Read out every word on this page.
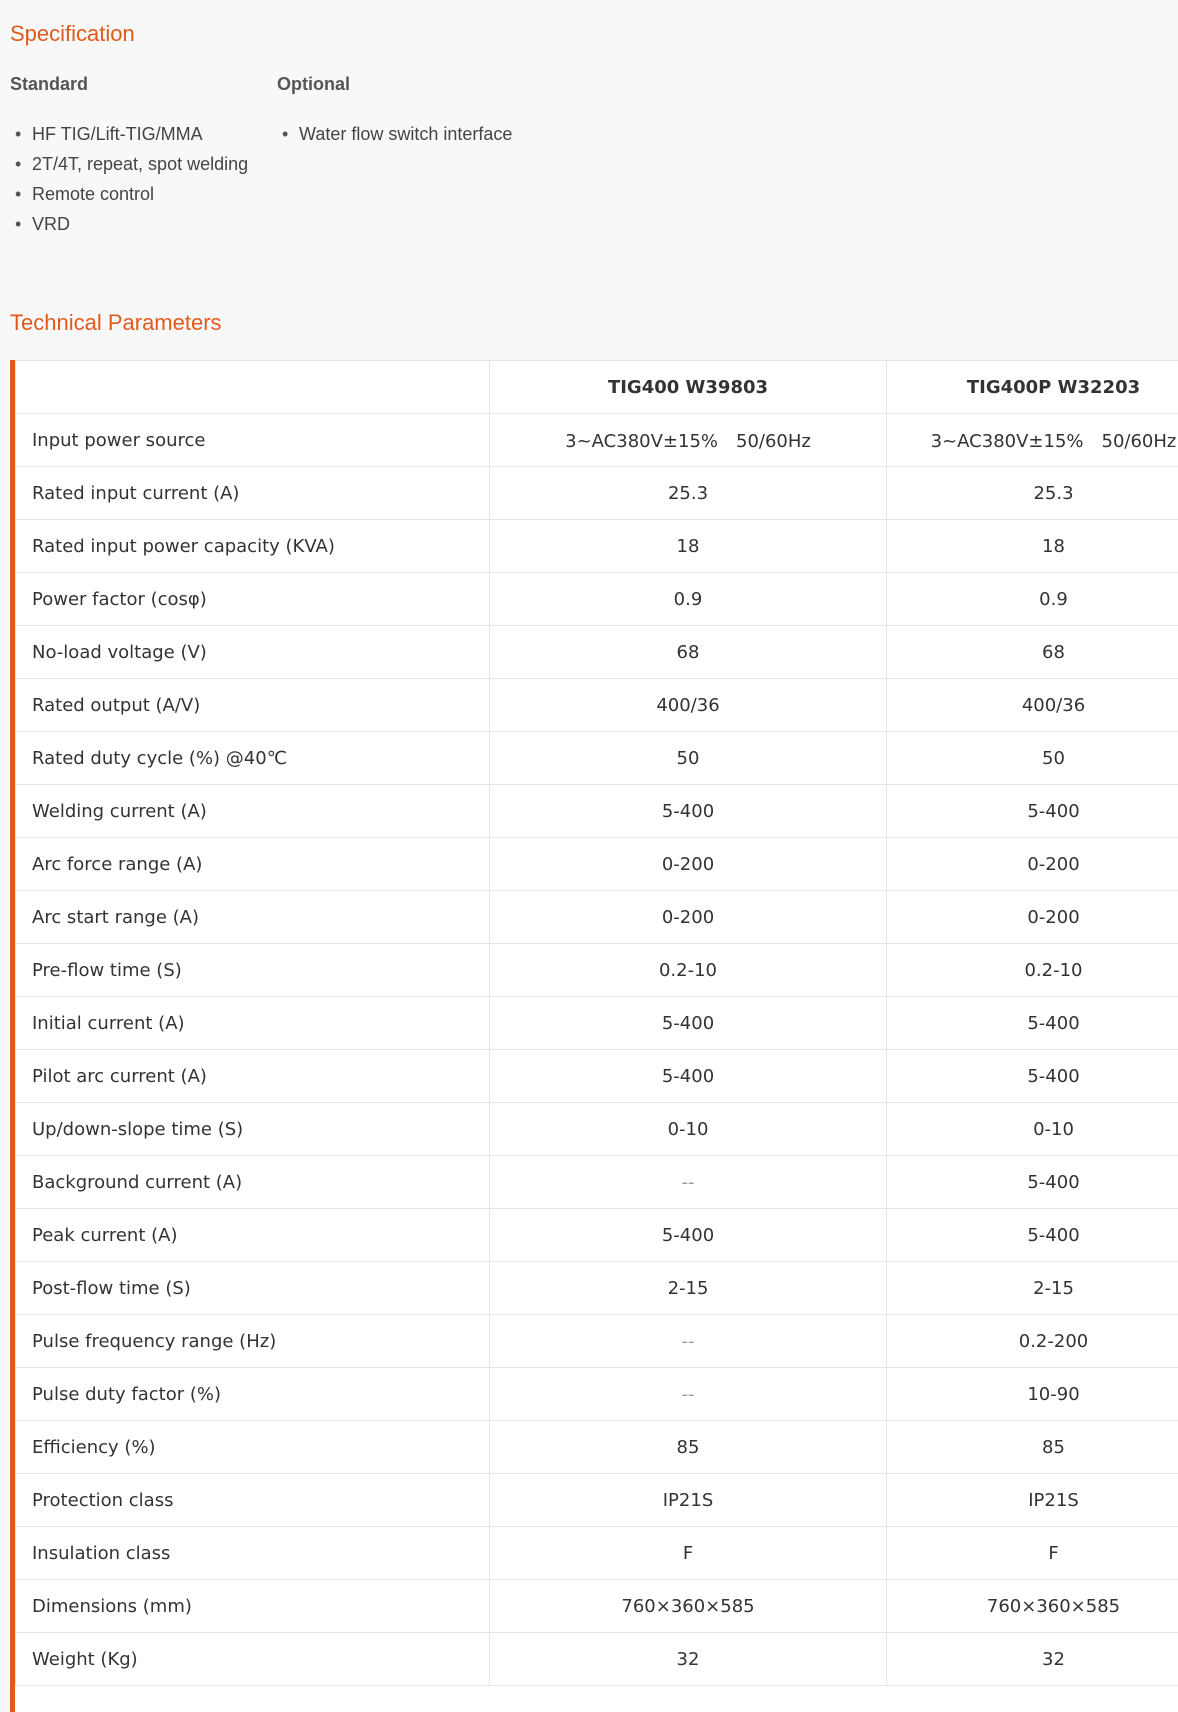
Specification
Standard
• HF TIG/Lift-TIG/MMA
• 2T/4T, repeat, spot welding
• Remote control
• VRD
Optional
• Water flow switch interface
Technical Parameters
	TIG400 W39803	TIG400P W32203
Input power source	3~AC380V±15%　50/60Hz	3~AC380V±15%　50/60Hz
Rated input current (A)	25.3	25.3
Rated input power capacity (KVA)	18	18
Power factor (cosφ)	0.9	0.9
No-load voltage (V)	68	68
Rated output (A/V)	400/36	400/36
Rated duty cycle (%) @40℃	50	50
Welding current (A)	5-400	5-400
Arc force range (A)	0-200	0-200
Arc start range (A)	0-200	0-200
Pre-flow time (S)	0.2-10	0.2-10
Initial current (A)	5-400	5-400
Pilot arc current (A)	5-400	5-400
Up/down-slope time (S)	0-10	0-10
Background current (A)	--	5-400
Peak current (A)	5-400	5-400
Post-flow time (S)	2-15	2-15
Pulse frequency range (Hz)	--	0.2-200
Pulse duty factor (%)	--	10-90
Efficiency (%)	85	85
Protection class	IP21S	IP21S
Insulation class	F	F
Dimensions (mm)	760×360×585	760×360×585
Weight (Kg)	32	32
